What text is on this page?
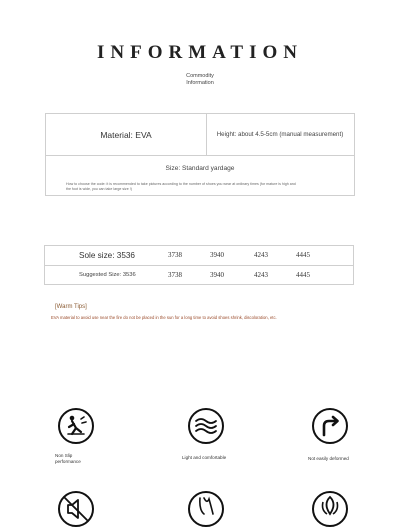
INFORMATION
Commodity
Information
Material: EVA	Height: about 4.5-5cm (manual measurement)
Size: Standard yardage
How to choose the code: it is recommended to take pictures according to the number of shoes you wear at ordinary times (for mature is high and
the foot is wide, you can take large size !)
Sole size: 3536	3738	3940	4243	4445
Suggested Size: 3536	3738	3940	4243	4445
[Warm Tips]
EVA material to avoid use near the fire do not be placed in the sun for a long time to avoid shoes shrink, discoloration, etc.
Non Slip
performance
Light and comfortable	Not easily deformed
